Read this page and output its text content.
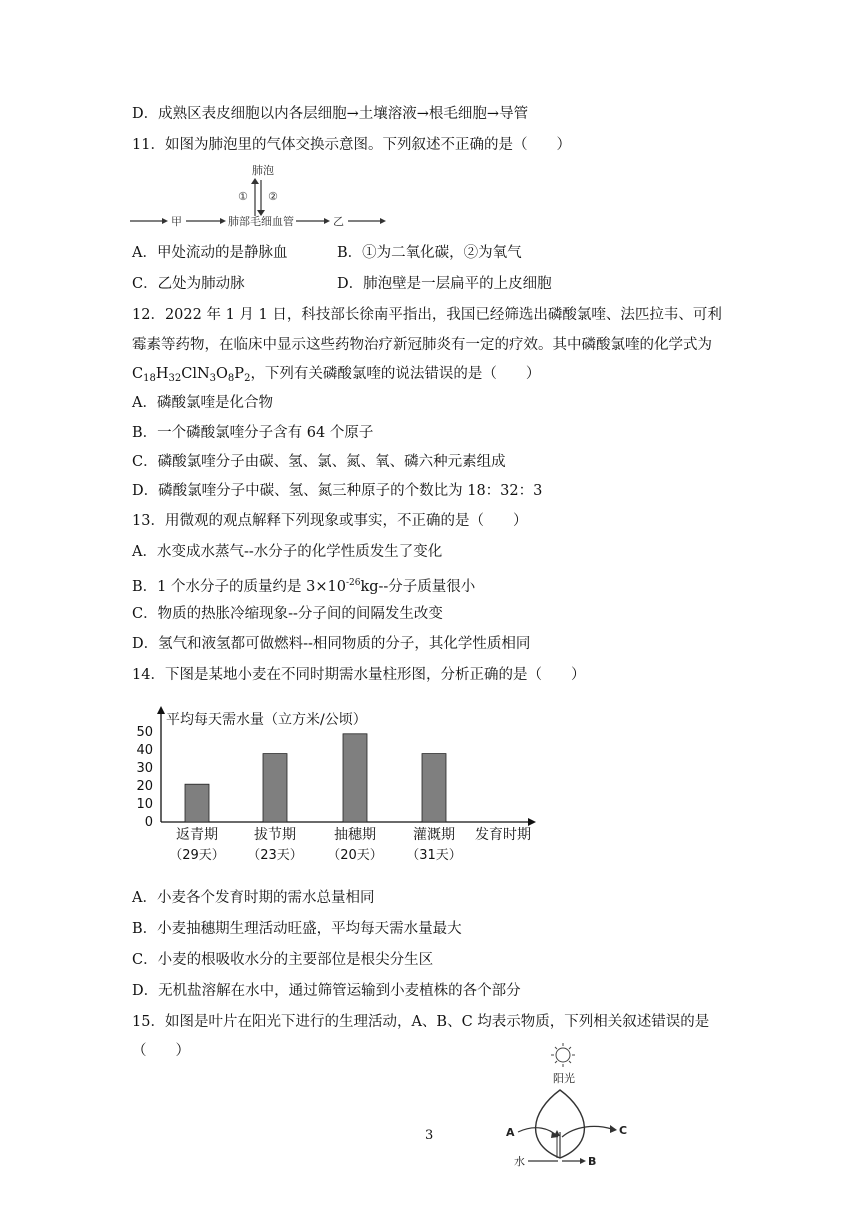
D．成熟区表皮细胞以内各层细胞→土壤溶液→根毛细胞→导管
11．如图为肺泡里的气体交换示意图。下列叙述不正确的是（　　）
肺泡
① ②
甲	肺部毛细血管	乙
A．甲处流动的是静脉血	B．①为二氧化碳，②为氧气
C．乙处为肺动脉	D．肺泡壁是一层扁平的上皮细胞
12．2022 年 1 月 1 日，科技部长徐南平指出，我国已经筛选出磷酸氯喹、法匹拉韦、可利
霉素等药物，在临床中显示这些药物治疗新冠肺炎有一定的疗效。其中磷酸氯喹的化学式为
$C_{18}H_{32}ClN_3O_8P_2$，下列有关磷酸氯喹的说法错误的是（　　）
A．磷酸氯喹是化合物
B．一个磷酸氯喹分子含有 64 个原子
C．磷酸氯喹分子由碳、氢、氯、氮、氧、磷六种元素组成
D．磷酸氯喹分子中碳、氢、氮三种原子的个数比为 18：32：3
13．用微观的观点解释下列现象或事实，不正确的是（　　）
A．水变成水蒸气--水分子的化学性质发生了变化
B．1 个水分子的质量约是 $3\times 10^{-26}kg--$分子质量很小
C．物质的热胀冷缩现象--分子间的间隔发生改变
D．氢气和液氢都可做燃料--相同物质的分子，其化学性质相同
14．下图是某地小麦在不同时期需水量柱形图，分析正确的是（　　）
平均每天需水量（立方米/公顷）
发育时期
0
10
20
30
40
50
返青期
（29天）
拔节期
（23天）
抽穗期
（20天）
灌溉期
（31天）
A．小麦各个发育时期的需水总量相同
B．小麦抽穗期生理活动旺盛，平均每天需水量最大
C．小麦的根吸收水分的主要部位是根尖分生区
D．无机盐溶解在水中，通过筛管运输到小麦植株的各个部分
15．如图是叶片在阳光下进行的生理活动，A、B、C 均表示物质，下列相关叙述错误的是
（　　）
阳光
A	C
水	B
3
